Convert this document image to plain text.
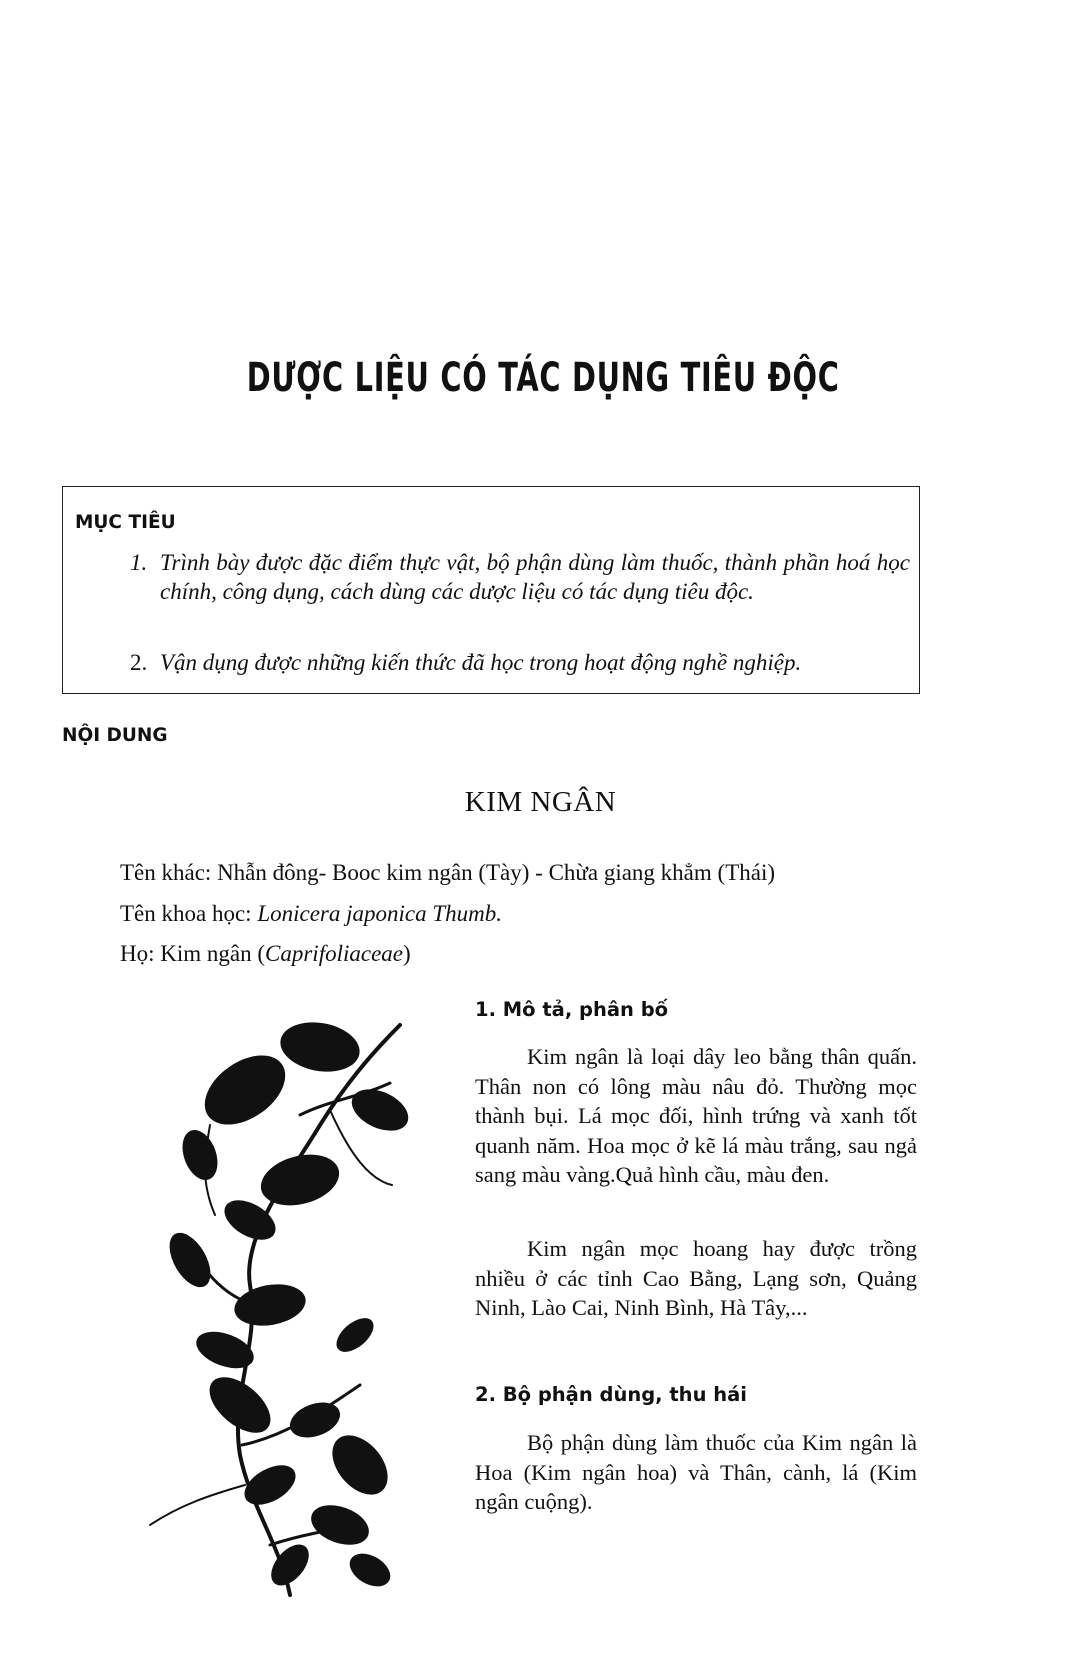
DƯỢC LIỆU CÓ TÁC DỤNG TIÊU ĐỘC
MỤC TIÊU
1. Trình bày được đặc điểm thực vật, bộ phận dùng làm thuốc, thành phần hoá học chính, công dụng, cách dùng các dược liệu có tác dụng tiêu độc.
2. Vận dụng được những kiến thức đã học trong hoạt động nghề nghiệp.
NỘI DUNG
KIM NGÂN
Tên khác: Nhẫn đông- Booc kim ngân (Tày) - Chừa giang khẳm (Thái)
Tên khoa học: Lonicera japonica Thumb.
Họ: Kim ngân (Caprifoliaceae)
1. Mô tả, phân bố
Kim ngân là loại dây leo bằng thân quấn. Thân non có lông màu nâu đỏ. Thường mọc thành bụi. Lá mọc đối, hình trứng và xanh tốt quanh năm. Hoa mọc ở kẽ lá màu trắng, sau ngả sang màu vàng.Quả hình cầu, màu đen.
Kim ngân mọc hoang hay được trồng nhiều ở các tỉnh Cao Bằng, Lạng sơn, Quảng Ninh, Lào Cai, Ninh Bình, Hà Tây,...
2. Bộ phận dùng, thu hái
Bộ phận dùng làm thuốc của Kim ngân là Hoa (Kim ngân hoa) và Thân, cành, lá (Kim ngân cuộng).
